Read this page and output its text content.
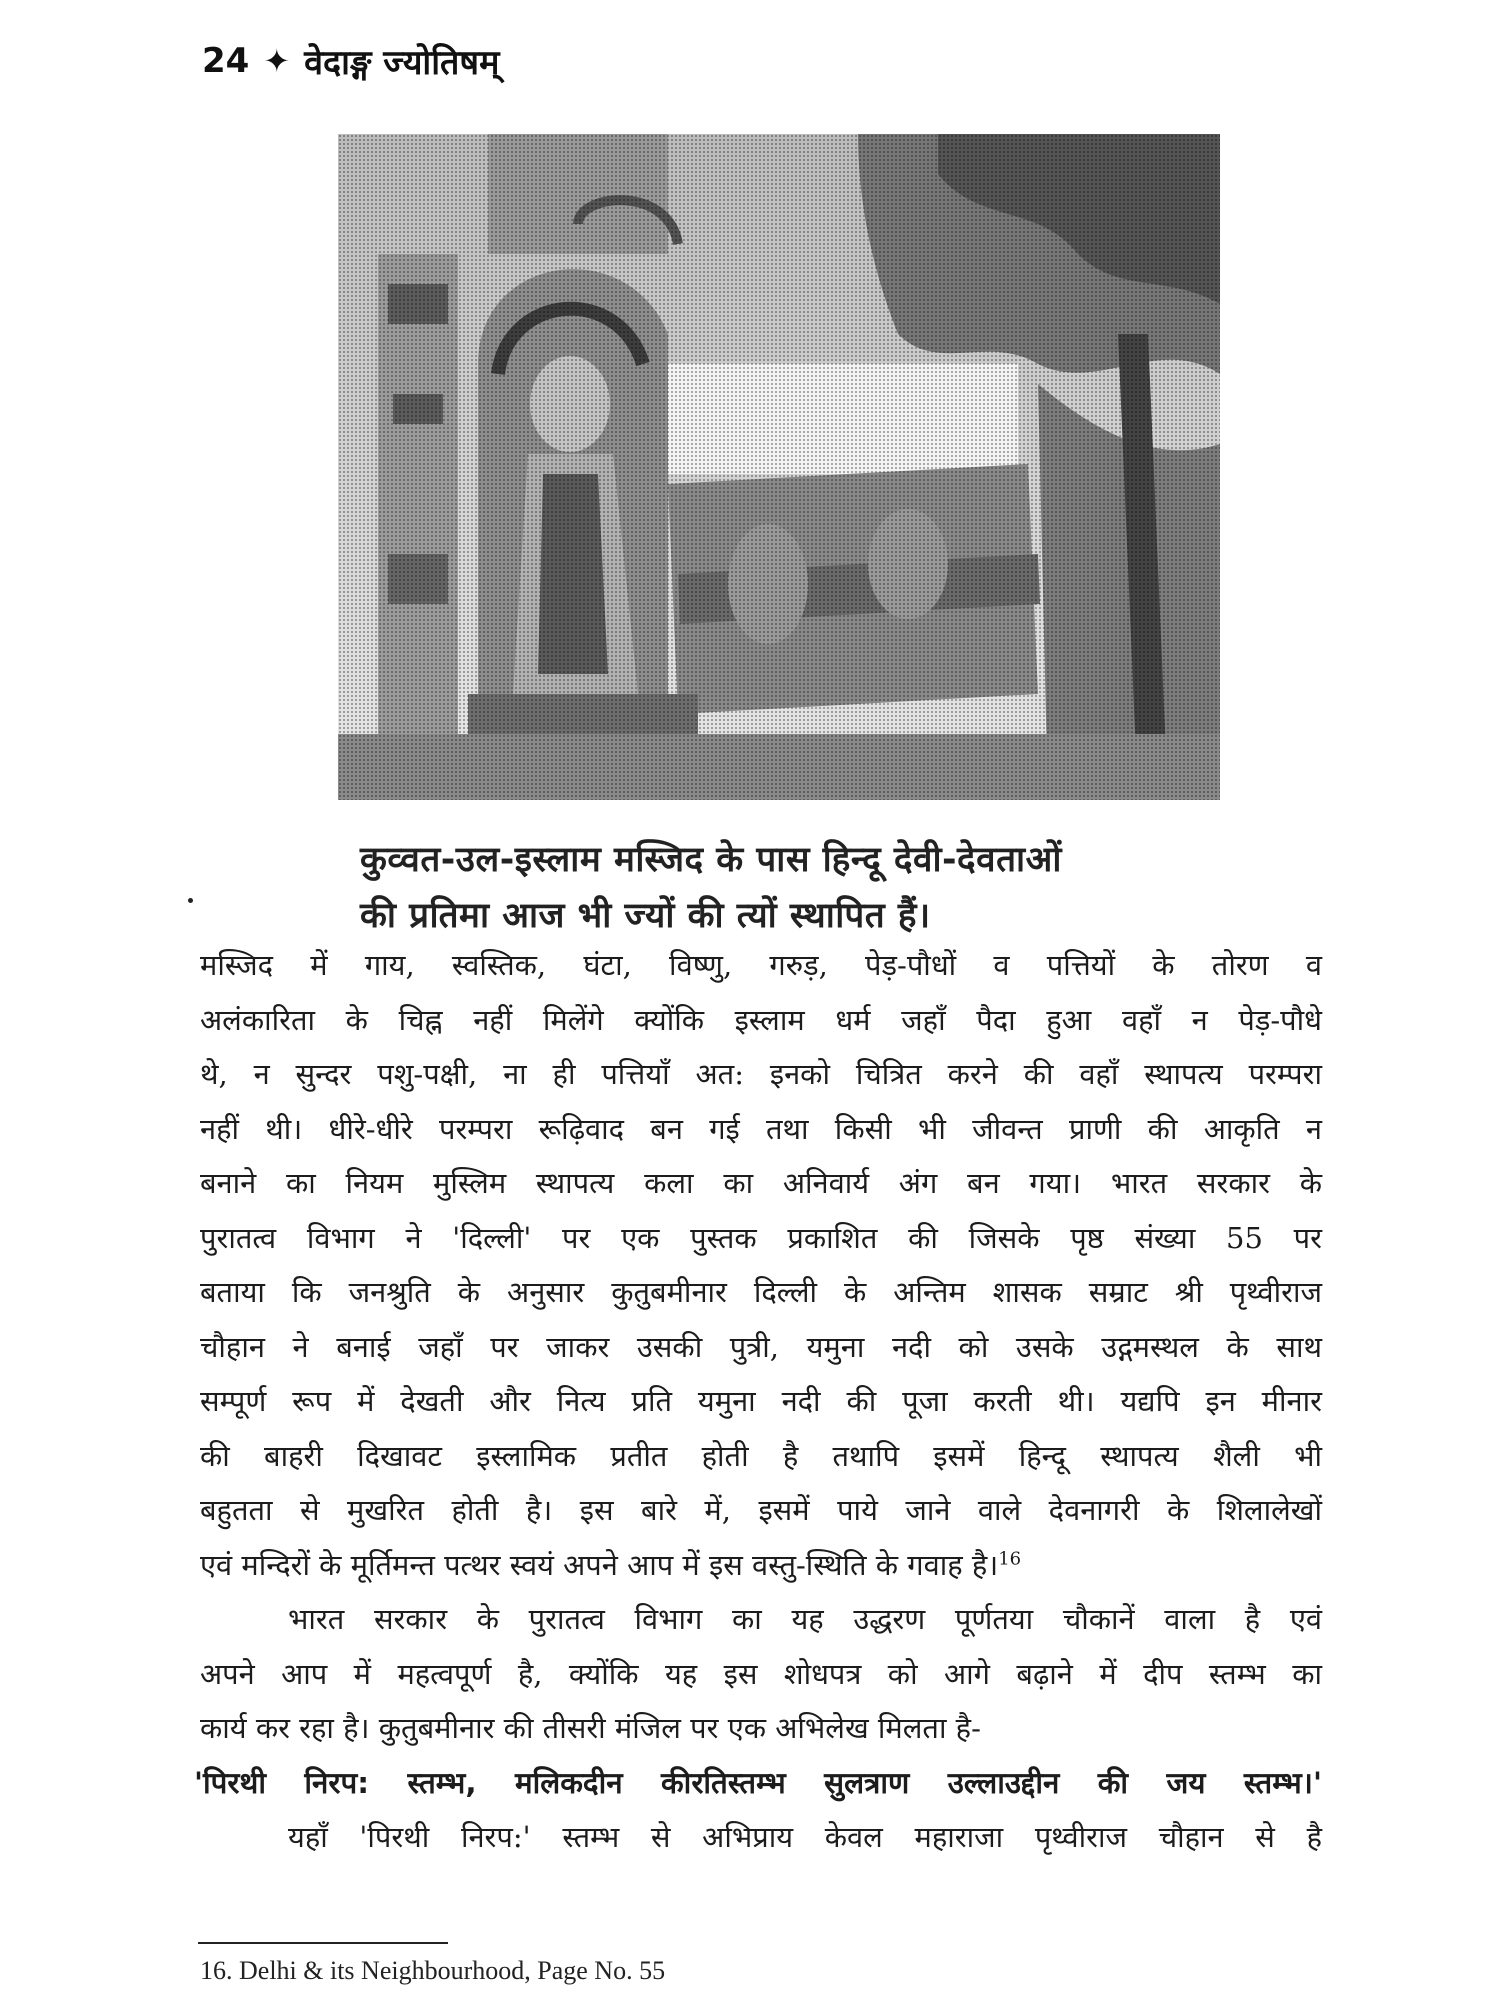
24 ✦ वेदाङ्ग ज्योतिषम्
कुव्वत-उल-इस्लाम मस्जिद के पास हिन्दू देवी-देवताओं
की प्रतिमा आज भी ज्यों की त्यों स्थापित हैं।

मस्जिद में गाय, स्वस्तिक, घंटा, विष्णु, गरुड़, पेड़-पौधों व पत्तियों के तोरण व
अलंकारिता के चिह्न नहीं मिलेंगे क्योंकि इस्लाम धर्म जहाँ पैदा हुआ वहाँ न पेड़-पौधे
थे, न सुन्दर पशु-पक्षी, ना ही पत्तियाँ अत: इनको चित्रित करने की वहाँ स्थापत्य परम्परा
नहीं थी। धीरे-धीरे परम्परा रूढ़िवाद बन गई तथा किसी भी जीवन्त प्राणी की आकृति न
बनाने का नियम मुस्लिम स्थापत्य कला का अनिवार्य अंग बन गया। भारत सरकार के
पुरातत्व विभाग ने 'दिल्ली' पर एक पुस्तक प्रकाशित की जिसके पृष्ठ संख्या 55 पर
बताया कि जनश्रुति के अनुसार कुतुबमीनार दिल्ली के अन्तिम शासक सम्राट श्री पृथ्वीराज
चौहान ने बनाई जहाँ पर जाकर उसकी पुत्री, यमुना नदी को उसके उद्गमस्थल के साथ
सम्पूर्ण रूप में देखती और नित्य प्रति यमुना नदी की पूजा करती थी। यद्यपि इन मीनार
की बाहरी दिखावट इस्लामिक प्रतीत होती है तथापि इसमें हिन्दू स्थापत्य शैली भी
बहुतता से मुखरित होती है। इस बारे में, इसमें पाये जाने वाले देवनागरी के शिलालेखों
एवं मन्दिरों के मूर्तिमन्त पत्थर स्वयं अपने आप में इस वस्तु-स्थिति के गवाह है।$^{16}$

भारत सरकार के पुरातत्व विभाग का यह उद्धरण पूर्णतया चौकानें वाला है एवं
अपने आप में महत्वपूर्ण है, क्योंकि यह इस शोधपत्र को आगे बढ़ाने में दीप स्तम्भ का
कार्य कर रहा है। कुतुबमीनार की तीसरी मंजिल पर एक अभिलेख मिलता है-

'पिरथी निरप: स्तम्भ, मलिकदीन कीरतिस्तम्भ सुलत्राण उल्लाउद्दीन की जय स्तम्भ।'

यहाँ 'पिरथी निरप:' स्तम्भ से अभिप्राय केवल महाराजा पृथ्वीराज चौहान से है

16. Delhi & its Neighbourhood, Page No. 55
